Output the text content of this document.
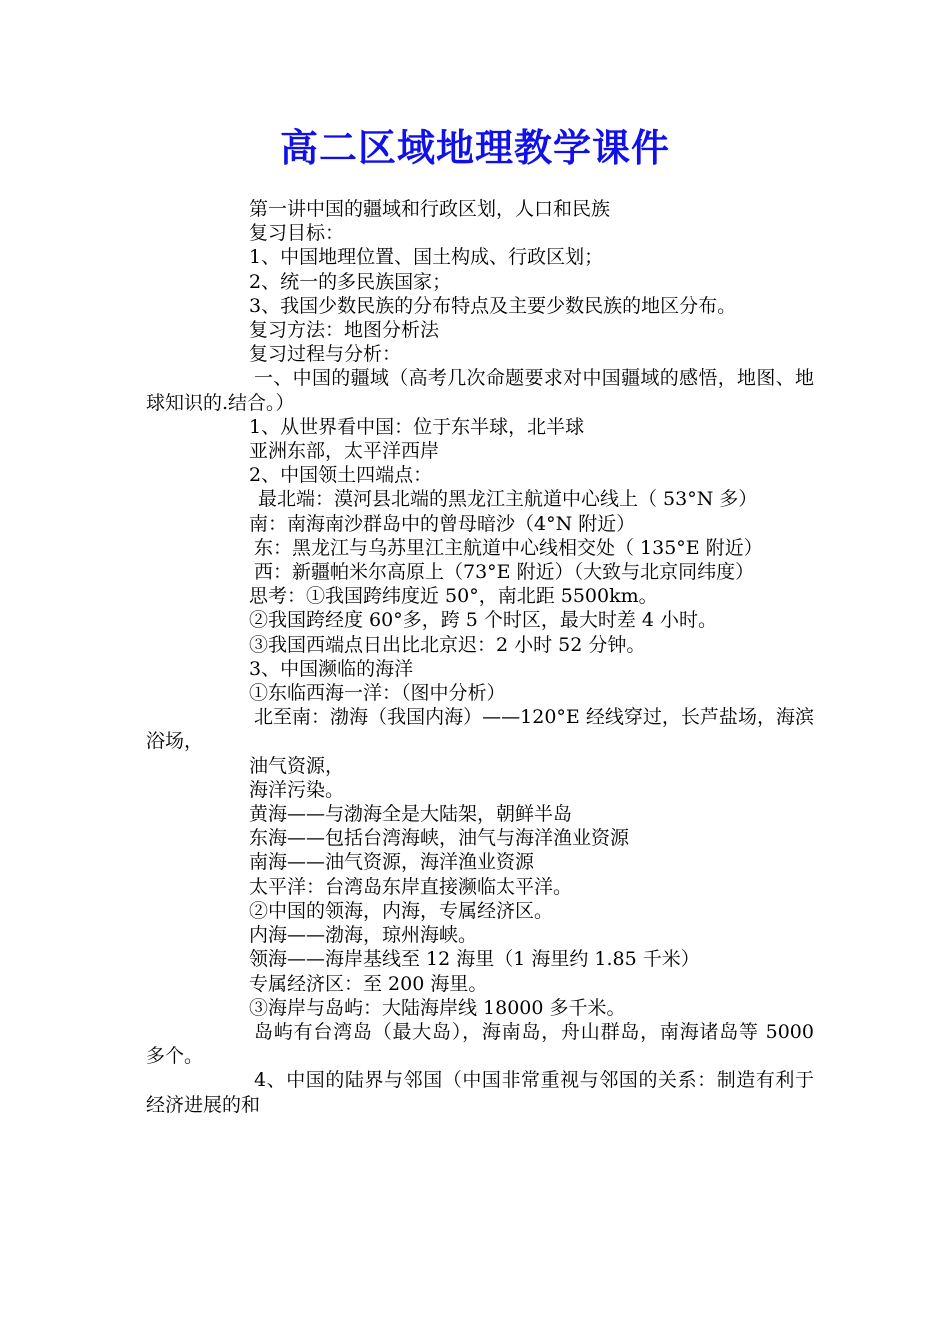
高二区域地理教学课件

第一讲中国的疆域和行政区划，人口和民族

复习目标：

1、中国地理位置、国土构成、行政区划；

2、统一的多民族国家；

3、我国少数民族的分布特点及主要少数民族的地区分布。

复习方法：地图分析法

复习过程与分析：

一、中国的疆域（高考几次命题要求对中国疆域的感悟，地图、地球知识的.结合。）

1、从世界看中国：位于东半球，北半球

亚洲东部，太平洋西岸

2、中国领土四端点：

最北端：漠河县北端的黑龙江主航道中心线上（ 53°N 多）

南：南海南沙群岛中的曾母暗沙（4°N 附近）

东：黑龙江与乌苏里江主航道中心线相交处（ 135°E 附近）

西：新疆帕米尔高原上（73°E 附近）（大致与北京同纬度）

思考：①我国跨纬度近 50°，南北距 5500km。

②我国跨经度 60°多，跨 5 个时区，最大时差 4 小时。

③我国西端点日出比北京迟：2 小时 52 分钟。

3、中国濒临的海洋

①东临西海一洋：（图中分析）

北至南：渤海（我国内海）——120°E 经线穿过，长芦盐场，海滨浴场，

油气资源，

海洋污染。

黄海——与渤海全是大陆架，朝鲜半岛

东海——包括台湾海峡，油气与海洋渔业资源

南海——油气资源，海洋渔业资源

太平洋：台湾岛东岸直接濒临太平洋。

②中国的领海，内海，专属经济区。

内海——渤海，琼州海峡。

领海——海岸基线至 12 海里（1 海里约 1.85 千米）

专属经济区：至 200 海里。

③海岸与岛屿：大陆海岸线 18000 多千米。

岛屿有台湾岛（最大岛），海南岛，舟山群岛，南海诸岛等 5000 多个。

4、中国的陆界与邻国（中国非常重视与邻国的关系：制造有利于经济进展的和
